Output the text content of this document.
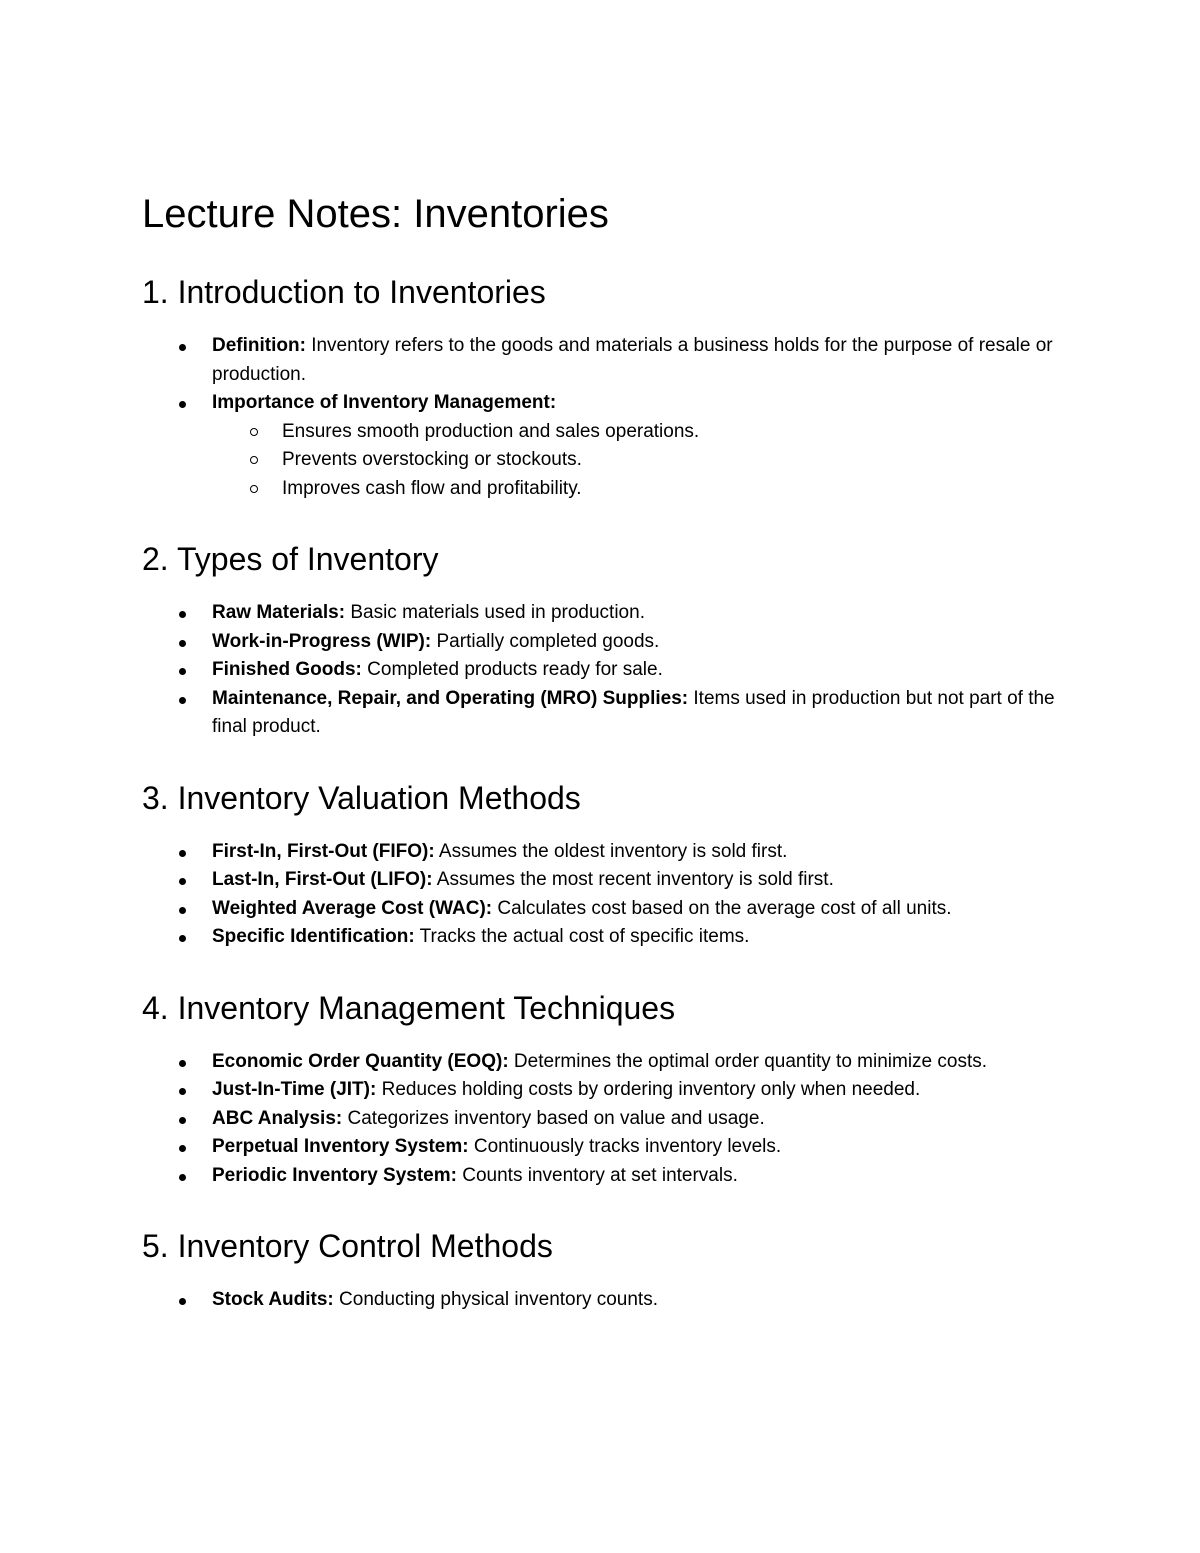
Lecture Notes: Inventories
1. Introduction to Inventories
Definition: Inventory refers to the goods and materials a business holds for the purpose of resale or production.
Importance of Inventory Management:
Ensures smooth production and sales operations.
Prevents overstocking or stockouts.
Improves cash flow and profitability.
2. Types of Inventory
Raw Materials: Basic materials used in production.
Work-in-Progress (WIP): Partially completed goods.
Finished Goods: Completed products ready for sale.
Maintenance, Repair, and Operating (MRO) Supplies: Items used in production but not part of the final product.
3. Inventory Valuation Methods
First-In, First-Out (FIFO): Assumes the oldest inventory is sold first.
Last-In, First-Out (LIFO): Assumes the most recent inventory is sold first.
Weighted Average Cost (WAC): Calculates cost based on the average cost of all units.
Specific Identification: Tracks the actual cost of specific items.
4. Inventory Management Techniques
Economic Order Quantity (EOQ): Determines the optimal order quantity to minimize costs.
Just-In-Time (JIT): Reduces holding costs by ordering inventory only when needed.
ABC Analysis: Categorizes inventory based on value and usage.
Perpetual Inventory System: Continuously tracks inventory levels.
Periodic Inventory System: Counts inventory at set intervals.
5. Inventory Control Methods
Stock Audits: Conducting physical inventory counts.
